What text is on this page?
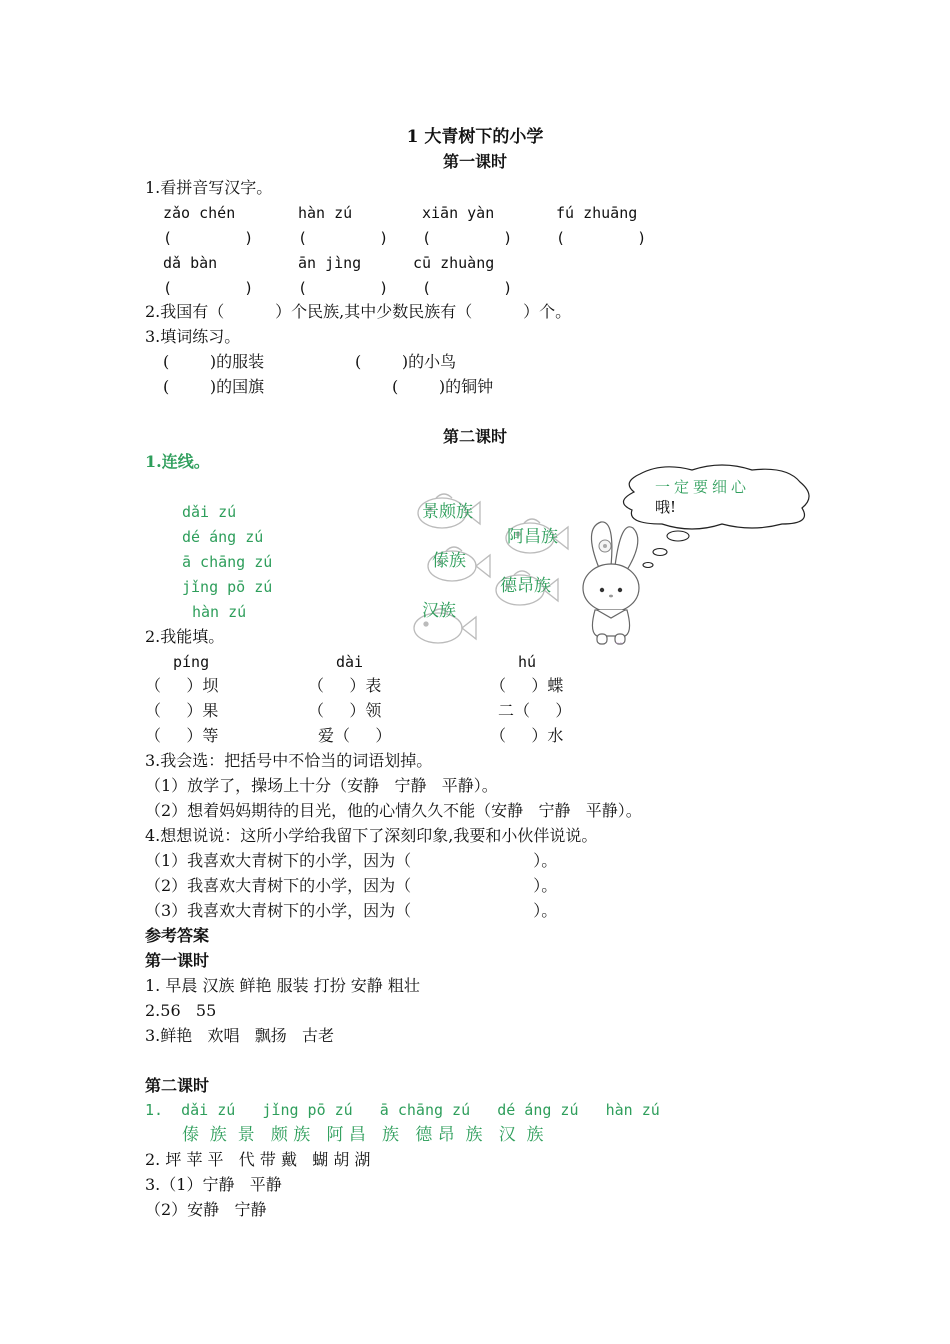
1 大青树下的小学
第一课时
1.看拼音写汉字。
zǎo chén	hàn zú	xiān yàn	fú zhuāng
(        )	(        ) (        )	(        )
dǎ bàn	ān jìng	cū zhuàng
(        )	(        ) (        )
2.我国有（          ）个民族,其中少数民族有（          ）个。
3.填词练习。
(        )的服装	(        )的小鸟
(        )的国旗	(        )的铜钟
第二课时
1.连线。
dǎi zú
dé áng zú
ā chāng zú
jǐng pō zú
hàn zú
景颇族
阿昌族
傣族
德昂族
汉族
一定要细心
哦!
~~
2.我能填。
píng	dài	hú
（     ）坝	（     ）表	（     ）蝶
（     ）果	（     ）领	二（     ）
（     ）等	爱（     ）	（     ）水
3.我会选：把括号中不恰当的词语划掉。
（1）放学了，操场上十分（安静   宁静   平静）。
（2）想着妈妈期待的目光，他的心情久久不能（安静   宁静   平静）。
4.想想说说：这所小学给我留下了深刻印象,我要和小伙伴说说。
（1）我喜欢大青树下的小学，因为（                        ）。
（2）我喜欢大青树下的小学，因为（                        ）。
（3）我喜欢大青树下的小学，因为（                        ）。
参考答案
第一课时
1. 早晨 汉族 鲜艳 服装 打扮 安静 粗壮
2.56   55
3.鲜艳   欢唱   飘扬   古老
第二课时
1.  dǎi zú   jǐng pō zú   ā chāng zú   dé áng zú   hàn zú
傣  族  景   颇 族   阿 昌   族   德 昂  族   汉  族
2. 坪 苹 平   代 带 戴   蝴 胡 湖
3.（1）宁静   平静
（2）安静   宁静
